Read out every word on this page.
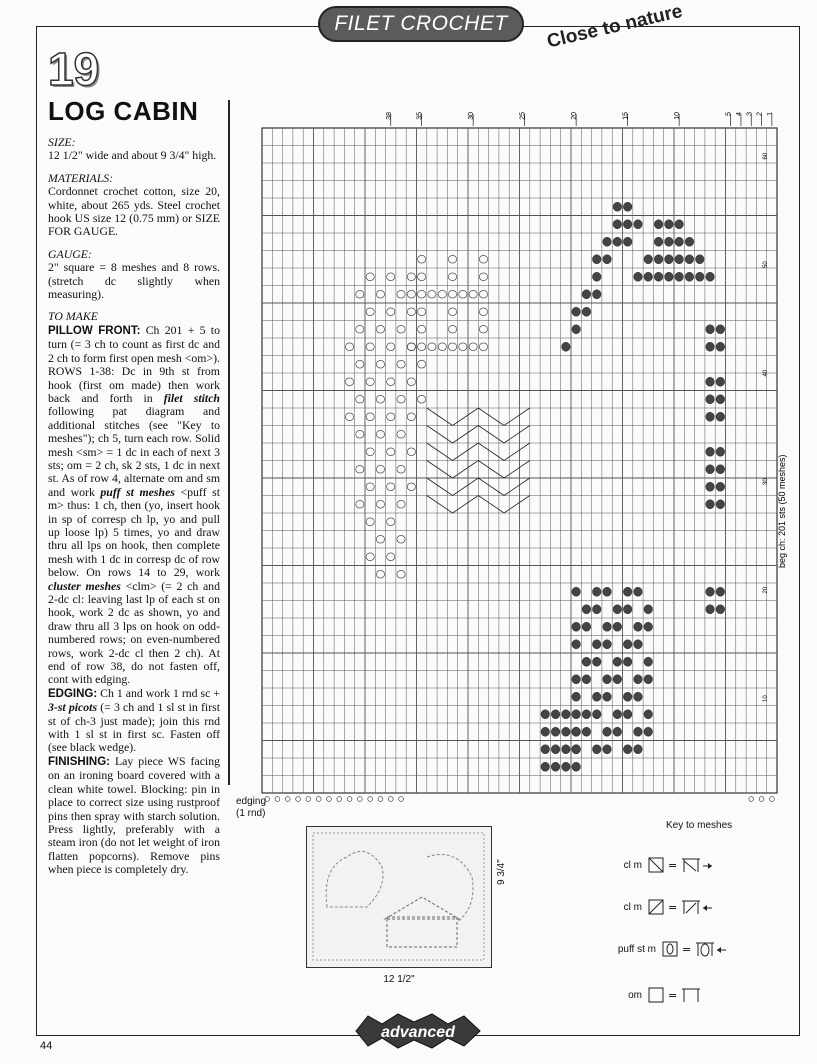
FILET CROCHET	Close to nature
19
LOG CABIN
SIZE:

12 1/2" wide and about 9 3/4" high.

MATERIALS:

Cordonnet crochet cotton, size 20, white, about 265 yds. Steel crochet hook US size 12 (0.75 mm) or SIZE FOR GAUGE.

GAUGE:

2" square = 8 meshes and 8 rows. (stretch dc slightly when measuring).

TO MAKE

PILLOW FRONT: Ch 201 + 5 to turn (= 3 ch to count as first dc and 2 ch to form first open mesh <om>). ROWS 1-38: Dc in 9th st from hook (first om made) then work back and forth in filet stitch following pat diagram and additional stitches (see "Key to meshes"); ch 5, turn each row. Solid mesh <sm> = 1 dc in each of next 3 sts; om = 2 ch, sk 2 sts, 1 dc in next st. As of row 4, alternate om and sm and work puff st meshes <puff st m> thus: 1 ch, then (yo, insert hook in sp of corresp ch lp, yo and pull up loose lp) 5 times, yo and draw thru all lps on hook, then complete mesh with 1 dc in corresp dc of row below. On rows 14 to 29, work cluster meshes <clm> (= 2 ch and 2-dc cl: leaving last lp of each st on hook, work 2 dc as shown, yo and draw thru all 3 lps on hook on odd-numbered rows; on even-numbered rows, work 2-dc cl then 2 ch). At end of row 38, do not fasten off, cont with edging.

EDGING: Ch 1 and work 1 rnd sc + 3-st picots (= 3 ch and 1 sl st in first st of ch-3 just made); join this rnd with 1 sl st in first sc. Fasten off (see black wedge).

FINISHING: Lay piece WS facing on an ironing board covered with a clean white towel. Blocking: pin in place to correct size using rustproof pins then spray with starch solution. Press lightly, preferably with a steam iron (do not let weight of iron flatten popcorns). Remove pins when piece is completely dry.

38	35	30	25	20	15	10	5 4 3 2 1
10
20
30
40
50
60
beg ch: 201 sts (50 meshes)
edging
(1 rnd)
12 1/2"
9 3/4"
Key to meshes
cl m =
cl m =
puff st m =
om =
advanced
44
